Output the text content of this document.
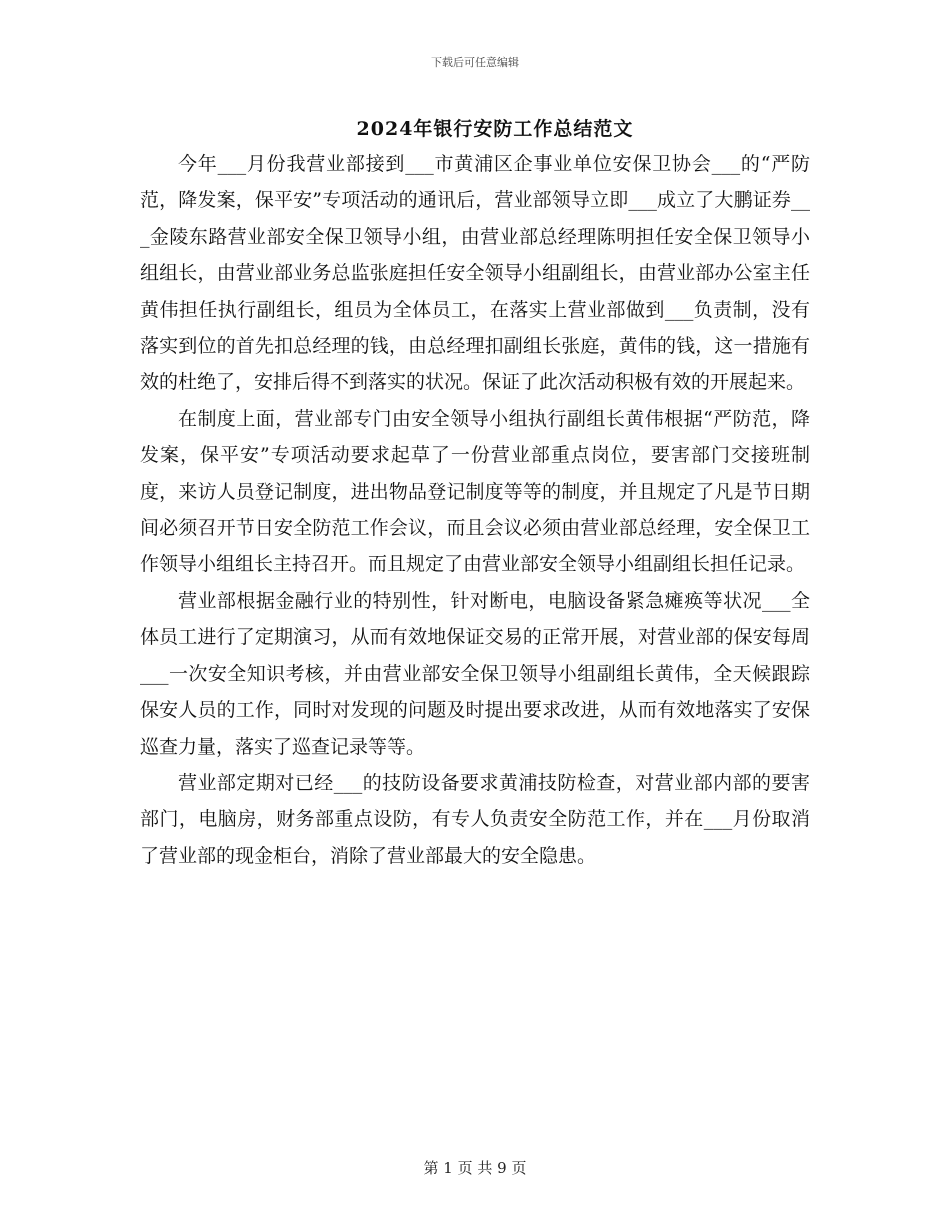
下载后可任意编辑
2024年银行安防工作总结范文

今年___月份我营业部接到___市黄浦区企事业单位安保卫协会___的“严防范，降发案，保平安”专项活动的通讯后，营业部领导立即___成立了大鹏证券___金陵东路营业部安全保卫领导小组，由营业部总经理陈明担任安全保卫领导小组组长，由营业部业务总监张庭担任安全领导小组副组长，由营业部办公室主任黄伟担任执行副组长，组员为全体员工，在落实上营业部做到___负责制，没有落实到位的首先扣总经理的钱，由总经理扣副组长张庭，黄伟的钱，这一措施有效的杜绝了，安排后得不到落实的状况。保证了此次活动积极有效的开展起来。

在制度上面，营业部专门由安全领导小组执行副组长黄伟根据“严防范，降发案，保平安”专项活动要求起草了一份营业部重点岗位，要害部门交接班制度，来访人员登记制度，进出物品登记制度等等的制度，并且规定了凡是节日期间必须召开节日安全防范工作会议，而且会议必须由营业部总经理，安全保卫工作领导小组组长主持召开。而且规定了由营业部安全领导小组副组长担任记录。

营业部根据金融行业的特别性，针对断电，电脑设备紧急瘫痪等状况___全体员工进行了定期演习，从而有效地保证交易的正常开展，对营业部的保安每周___一次安全知识考核，并由营业部安全保卫领导小组副组长黄伟，全天候跟踪保安人员的工作，同时对发现的问题及时提出要求改进，从而有效地落实了安保巡查力量，落实了巡查记录等等。

营业部定期对已经___的技防设备要求黄浦技防检查，对营业部内部的要害部门，电脑房，财务部重点设防，有专人负责安全防范工作，并在___月份取消了营业部的现金柜台，消除了营业部最大的安全隐患。

第 1 页 共 9 页
